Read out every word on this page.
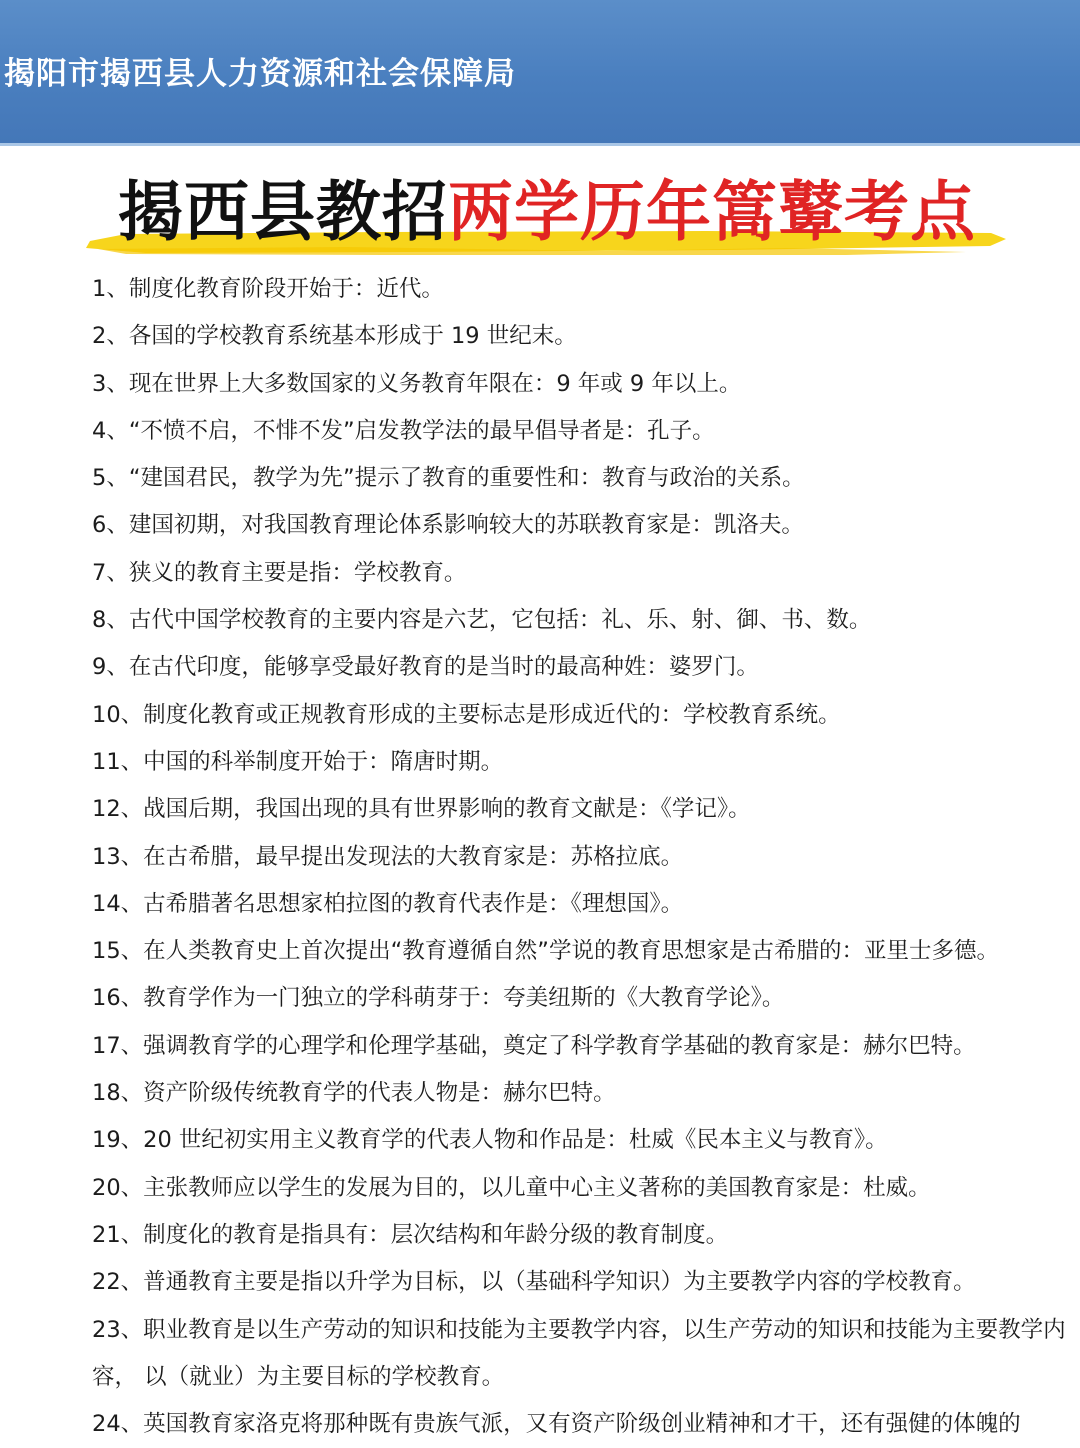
揭阳市揭西县人力资源和社会保障局
揭西县教招两学历年篙鼙考点
1、制度化教育阶段开始于：近代。
2、各国的学校教育系统基本形成于 19 世纪末。
3、现在世界上大多数国家的义务教育年限在：9 年或 9 年以上。
4、“不愤不启，不悱不发”启发教学法的最早倡导者是：孔子。
5、“建国君民，教学为先”提示了教育的重要性和：教育与政治的关系。
6、建国初期，对我国教育理论体系影响较大的苏联教育家是：凯洛夫。
7、狭义的教育主要是指：学校教育。
8、古代中国学校教育的主要内容是六艺，它包括：礼、乐、射、御、书、数。
9、在古代印度，能够享受最好教育的是当时的最高种姓：婆罗门。
10、制度化教育或正规教育形成的主要标志是形成近代的：学校教育系统。
11、中国的科举制度开始于：隋唐时期。
12、战国后期，我国出现的具有世界影响的教育文献是：《学记》。
13、在古希腊，最早提出发现法的大教育家是：苏格拉底。
14、古希腊著名思想家柏拉图的教育代表作是：《理想国》。
15、在人类教育史上首次提出“教育遵循自然”学说的教育思想家是古希腊的：亚里士多德。
16、教育学作为一门独立的学科萌芽于：夸美纽斯的《大教育学论》。
17、强调教育学的心理学和伦理学基础，奠定了科学教育学基础的教育家是：赫尔巴特。
18、资产阶级传统教育学的代表人物是：赫尔巴特。
19、20 世纪初实用主义教育学的代表人物和作品是：杜威《民本主义与教育》。
20、主张教师应以学生的发展为目的，以儿童中心主义著称的美国教育家是：杜威。
21、制度化的教育是指具有：层次结构和年龄分级的教育制度。
22、普通教育主要是指以升学为目标，以（基础科学知识）为主要教学内容的学校教育。
23、职业教育是以生产劳动的知识和技能为主要教学内容，以生产劳动的知识和技能为主要教学内容， 以（就业）为主要目标的学校教育。
24、英国教育家洛克将那种既有贵族气派，又有资产阶级创业精神和才干，还有强健的体魄的
